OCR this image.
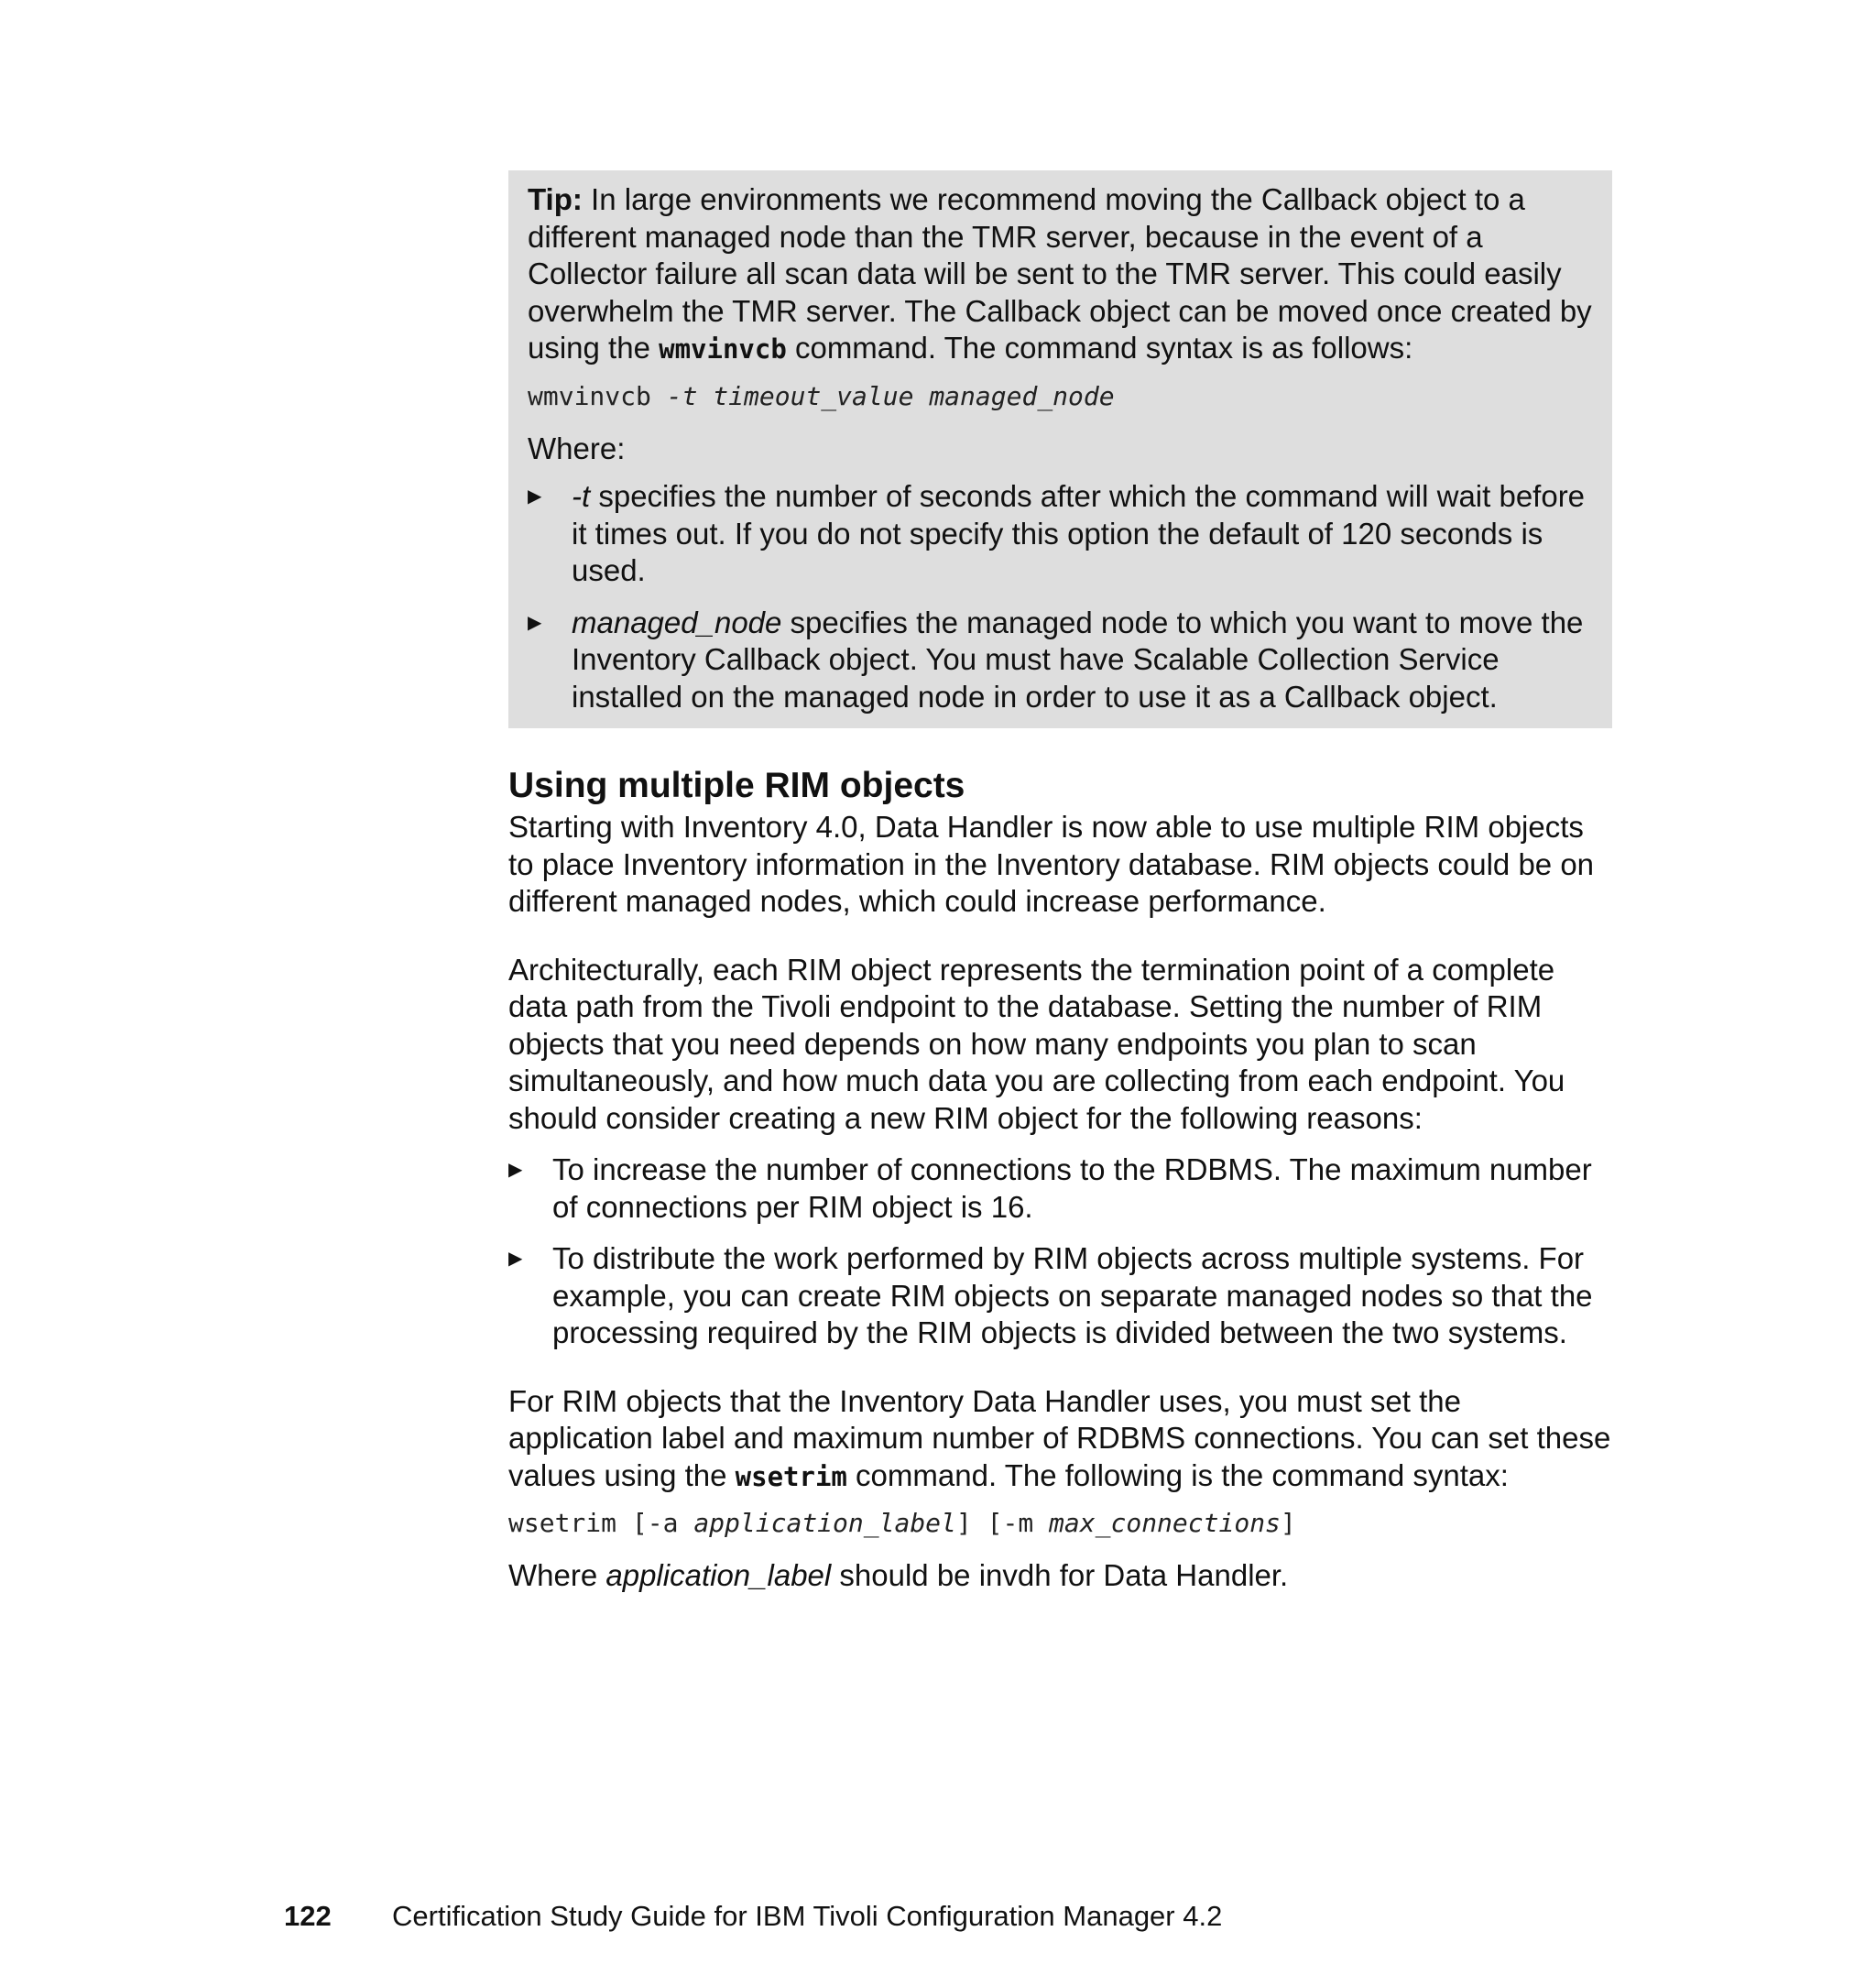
Tip: In large environments we recommend moving the Callback object to a different managed node than the TMR server, because in the event of a Collector failure all scan data will be sent to the TMR server. This could easily overwhelm the TMR server. The Callback object can be moved once created by using the wmvinvcb command. The command syntax is as follows:

wmvinvcb -t timeout_value managed_node

Where:

▶ -t specifies the number of seconds after which the command will wait before it times out. If you do not specify this option the default of 120 seconds is used.
▶ managed_node specifies the managed node to which you want to move the Inventory Callback object. You must have Scalable Collection Service installed on the managed node in order to use it as a Callback object.
Using multiple RIM objects

Starting with Inventory 4.0, Data Handler is now able to use multiple RIM objects to place Inventory information in the Inventory database. RIM objects could be on different managed nodes, which could increase performance.

Architecturally, each RIM object represents the termination point of a complete data path from the Tivoli endpoint to the database. Setting the number of RIM objects that you need depends on how many endpoints you plan to scan simultaneously, and how much data you are collecting from each endpoint. You should consider creating a new RIM object for the following reasons:

▶ To increase the number of connections to the RDBMS. The maximum number of connections per RIM object is 16.
▶ To distribute the work performed by RIM objects across multiple systems. For example, you can create RIM objects on separate managed nodes so that the processing required by the RIM objects is divided between the two systems.

For RIM objects that the Inventory Data Handler uses, you must set the application label and maximum number of RDBMS connections. You can set these values using the wsetrim command. The following is the command syntax:

wsetrim [-a application_label] [-m max_connections]

Where application_label should be invdh for Data Handler.

122 Certification Study Guide for IBM Tivoli Configuration Manager 4.2
